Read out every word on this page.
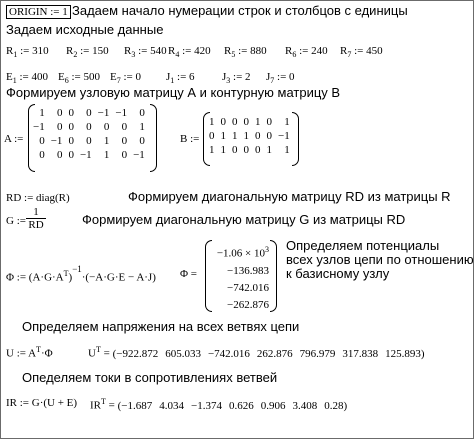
ORIGIN := 1 Задаем начало нумерации строк и столбцов с единицы
Задаем исходные данные
$R_1$ := 310 $R_2$ := 150 $R_3$ := 540 $R_4$ := 420 $R_5$ := 880 $R_6$ := 240 $R_7$ := 450
$E_1$ := 400 $E_6$ := 500 $E_7$ := 0 $J_1$ := 6 $J_3$ := 2 $J_7$ := 0
Формируем узловую матрицу А и контурную матрицу В
A :=
1	0	0	0	−1	−1	0
−1	0	0	0	0	0	1
0	−1	0	0	1	0	0
0	0	0	−1	1	0	−1
B :=
1	0	0	0	1	0	1
0	1	1	1	0	0	−1
1	1	0	0	0	1	1
RD := diag(R)	Формируем диагональную матрицу RD из матрицы R
G := $\frac{1}{RD}$	Формируем диагональную матрицу G из матрицы RD
Φ := $(A\cdot G\cdot A^T)^{-1}\cdot(-A\cdot G\cdot E - A\cdot J) \Phi$ =
$-1.06 \times 10^3$
−136.983
−742.016
−262.876
Определяем потенциалы
всех узлов цепи по отношению
к базисному узлу
Определяем напряжения на всех ветвях цепи
U := $A^T\cdot\Phi$	$U^T = (-922.872$ 605.033 −742.016 262.876 796.979 317.838 125.893)
Опеделяем токи в сопротивлениях ветвей
IR := G·(U + E) $IR^T = (-1.687$ 4.034 −1.374 0.626 0.906 3.408 0.28)
